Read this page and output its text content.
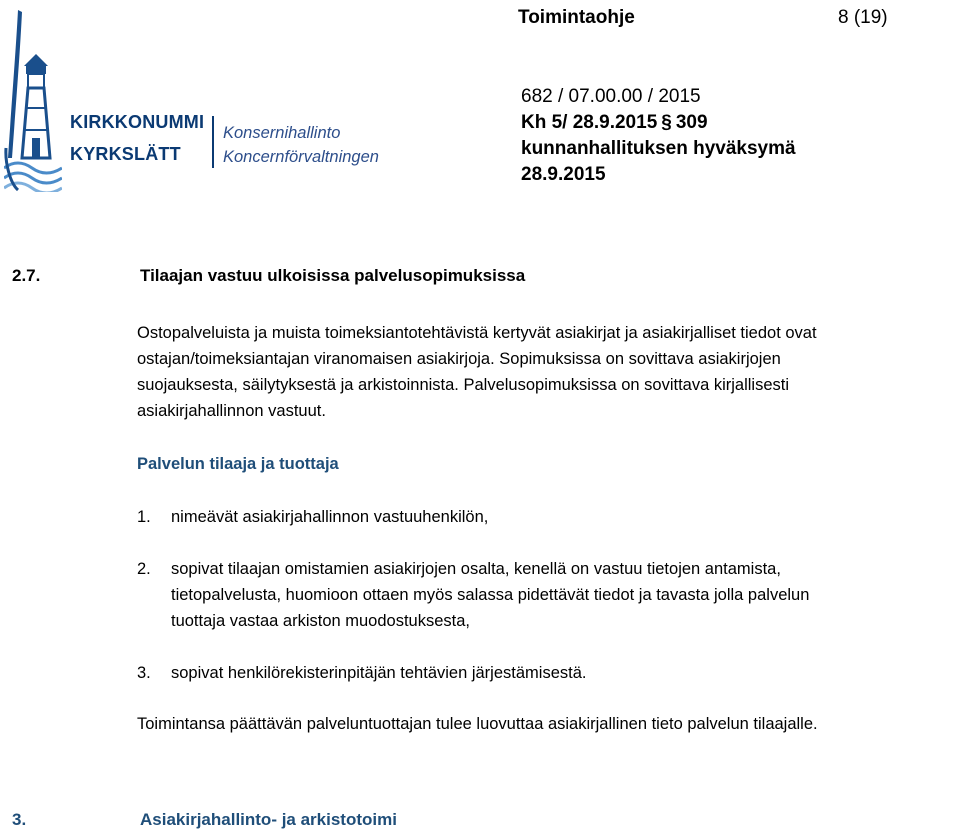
KIRKKONUMMI
KYRKSLÄTT
Konsernihallinto
Koncernförvaltningen
Toimintaohje	8 (19)
682 / 07.00.00 / 2015
Kh 5/ 28.9.2015 § 309
kunnanhallituksen hyväksymä
28.9.2015
2.7.	Tilaajan vastuu ulkoisissa palvelusopimuksissa
Ostopalveluista ja muista toimeksiantotehtävistä kertyvät asiakirjat ja asiakirjalliset tiedot ovat
ostajan/toimeksiantajan viranomaisen asiakirjoja. Sopimuksissa on sovittava asiakirjojen
suojauksesta, säilytyksestä ja arkistoinnista. Palvelusopimuksissa on sovittava kirjallisesti
asiakirjahallinnon vastuut.
Palvelun tilaaja ja tuottaja
1. nimeävät asiakirjahallinnon vastuuhenkilön,
2. sopivat tilaajan omistamien asiakirjojen osalta, kenellä on vastuu tietojen antamista,
tietopalvelusta, huomioon ottaen myös salassa pidettävät tiedot ja tavasta jolla palvelun
tuottaja vastaa arkiston muodostuksesta,
3. sopivat henkilörekisterinpitäjän tehtävien järjestämisestä.
Toimintansa päättävän palveluntuottajan tulee luovuttaa asiakirjallinen tieto palvelun tilaajalle.
3.	Asiakirjahallinto- ja arkistotoimi
